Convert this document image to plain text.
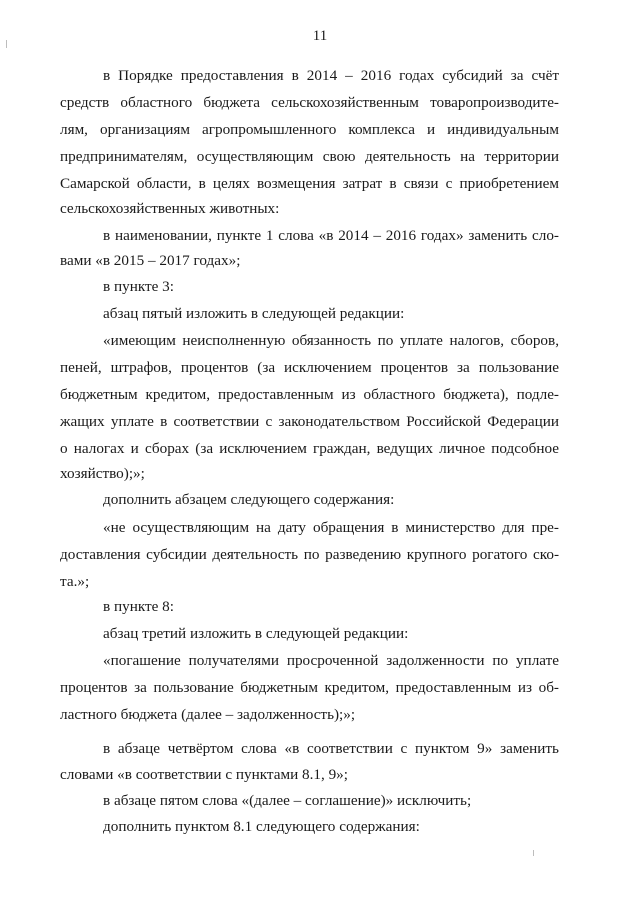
11
в Порядке предоставления в 2014 – 2016 годах субсидий за счёт
средств областного бюджета сельскохозяйственным товаропроизводите-
лям, организациям агропромышленного комплекса и индивидуальным
предпринимателям, осуществляющим свою деятельность на территории
Самарской области, в целях возмещения затрат в связи с приобретением
сельскохозяйственных животных:
в наименовании, пункте 1 слова «в 2014 – 2016 годах» заменить сло-
вами «в 2015 – 2017 годах»;
в пункте 3:
абзац пятый изложить в следующей редакции:
«имеющим неисполненную обязанность по уплате налогов, сборов,
пеней, штрафов, процентов (за исключением процентов за пользование
бюджетным кредитом, предоставленным из областного бюджета), подле-
жащих уплате в соответствии с законодательством Российской Федерации
о налогах и сборах (за исключением граждан, ведущих личное подсобное
хозяйство);»;
дополнить абзацем следующего содержания:
«не осуществляющим на дату обращения в министерство для пре-
доставления субсидии деятельность по разведению крупного рогатого ско-
та.»;
в пункте 8:
абзац третий изложить в следующей редакции:
«погашение получателями просроченной задолженности по уплате
процентов за пользование бюджетным кредитом, предоставленным из об-
ластного бюджета (далее – задолженность);»;
в абзаце четвёртом слова «в соответствии с пунктом 9» заменить
словами «в соответствии с пунктами 8.1, 9»;
в абзаце пятом слова «(далее – соглашение)» исключить;
дополнить пунктом 8.1 следующего содержания:
